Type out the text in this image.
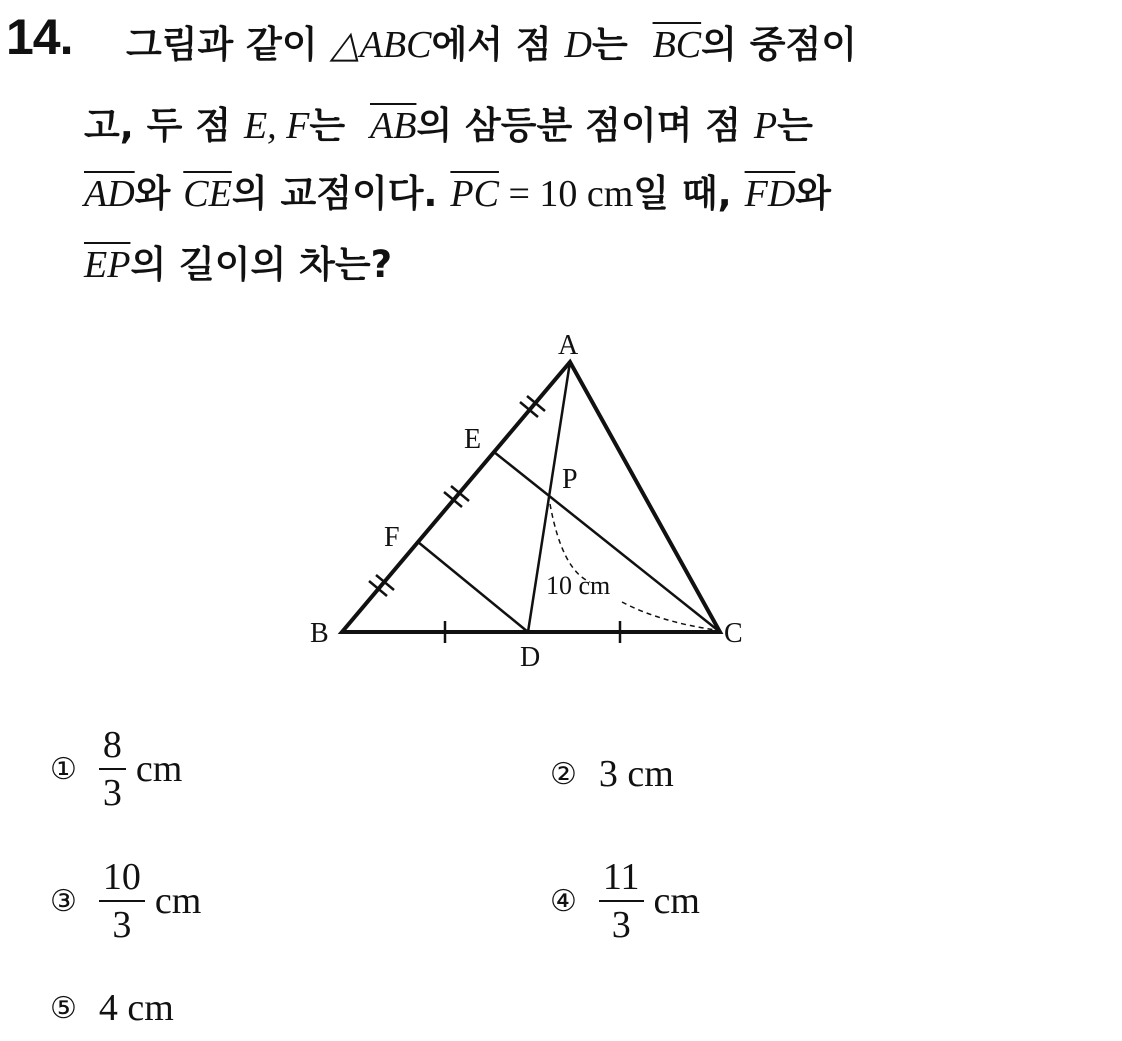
14. 그림과 같이 △ABC에서 점 D는 $\overline{BC}$의 중점이
고, 두 점 E, F는 $\overline{AB}$의 삼등분 점이며 점 P는
$\overline{AD}$와 $\overline{CE}$의 교점이다. $\overline{PC} = 10$ cm일 때, $\overline{FD}$와
$\overline{EP}$의 길이의 차는?
A
B	C
D
E
F
P
10 cm
① $\frac{8}{3}$ cm	② 3 cm
③ $\frac{10}{3}$ cm	④ $\frac{11}{3}$ cm
⑤ 4 cm
